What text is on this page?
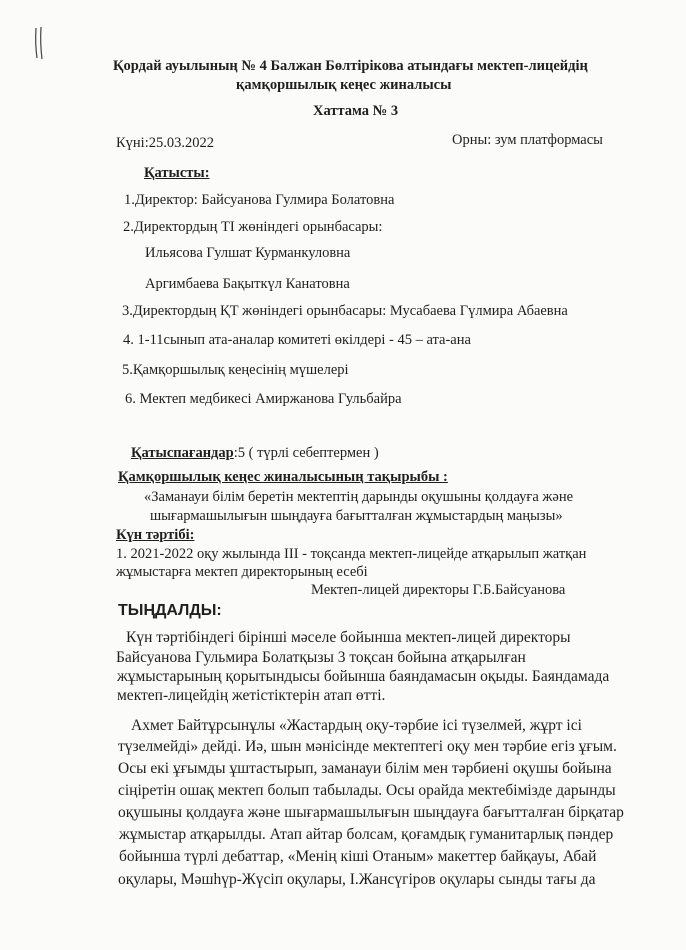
Қордай ауылының № 4 Балжан Бөлтірікова атындағы мектеп-лицейдің
қамқоршылық кеңес жиналысы
Хаттама № 3
Күні:25.03.2022	Орны: зум платформасы
Қатысты:
1.Директор: Байсуанова Гулмира Болатовна
2.Директордың ТІ жөніндегі орынбасары:
Ильясова Гулшат Курманкуловна
Аргимбаева Бақыткүл Канатовна
3.Директордың ҚТ жөніндегі орынбасары: Мусабаева Гүлмира Абаевна
4. 1-11сынып ата-аналар комитеті өкілдері - 45 – ата-ана
5.Қамқоршылық кеңесінің мүшелері
6. Мектеп медбикесі Амиржанова Гульбайра
Қатыспағандар:5 ( түрлі себептермен )
Қамқоршылық кеңес жиналысының тақырыбы :
«Заманауи білім беретін мектептің дарынды оқушыны қолдауға және
шығармашылығын шыңдауға бағытталған жұмыстардың маңызы»
Күн тәртібі:
1. 2021-2022 оқу жылында ІІІ - тоқсанда мектеп-лицейде атқарылып жатқан
жұмыстарға мектеп директорының есебі
Мектеп-лицей директоры Г.Б.Байсуанова
ТЫҢДАЛДЫ:
Күн тәртібіндегі бірінші мәселе бойынша мектеп-лицей директоры
Байсуанова Гульмира Болатқызы 3 тоқсан бойына атқарылған
жұмыстарының қорытындысы бойынша баяндамасын оқыды. Баяндамада
мектеп-лицейдің жетістіктерін атап өтті.
Ахмет Байтұрсынұлы «Жастардың оқу-тәрбие ісі түзелмей, жұрт ісі
түзелмейді» дейді. Иә, шын мәнісінде мектептегі оқу мен тәрбие егіз ұғым.
Осы екі ұғымды ұштастырып, заманауи білім мен тәрбиені оқушы бойына
сіңіретін ошақ мектеп болып табылады. Осы орайда мектебімізде дарынды
оқушыны қолдауға және шығармашылығын шыңдауға бағытталған бірқатар
жұмыстар атқарылды. Атап айтар болсам, қоғамдық гуманитарлық пәндер
бойынша түрлі дебаттар, «Менің кіші Отаным» макеттер байқауы, Абай
оқулары, Мәшһүр-Жүсіп оқулары, І.Жансүгіров оқулары сынды тағы да
